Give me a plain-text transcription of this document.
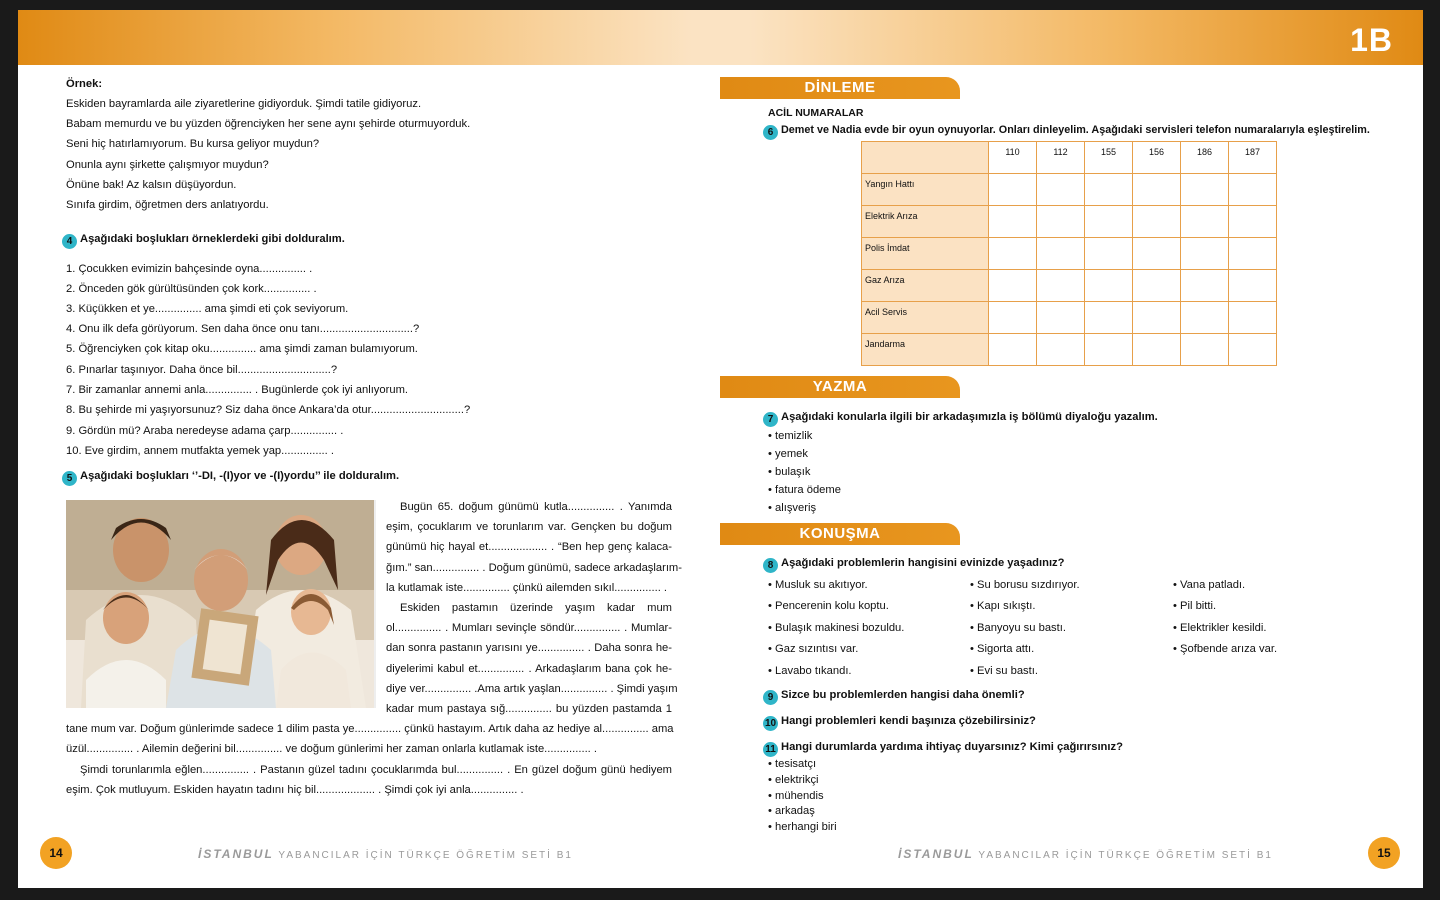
1B
Örnek:
Eskiden bayramlarda aile ziyaretlerine gidiyorduk. Şimdi tatile gidiyoruz.
Babam memurdu ve bu yüzden öğrenciyken her sene aynı şehirde oturmuyorduk.
Seni hiç hatırlamıyorum. Bu kursa geliyor muydun?
Onunla aynı şirkette çalışmıyor muydun?
Önüne bak! Az kalsın düşüyordun.
Sınıfa girdim, öğretmen ders anlatıyordu.
4 Aşağıdaki boşlukları örneklerdeki gibi dolduralım.
1. Çocukken evimizin bahçesinde oyna............... .
2. Önceden gök gürültüsünden çok kork............... .
3. Küçükken et ye............... ama şimdi eti çok seviyorum.
4. Onu ilk defa görüyorum. Sen daha önce onu tanı..............................?
5. Öğrenciyken çok kitap oku............... ama şimdi zaman bulamıyorum.
6. Pınarlar taşınıyor. Daha önce bil..............................?
7. Bir zamanlar annemi anla............... . Bugünlerde çok iyi anlıyorum.
8. Bu şehirde mi yaşıyorsunuz? Siz daha önce Ankara’da otur..............................?
9. Gördün mü? Araba neredeyse adama çarp............... .
10. Eve girdim, annem mutfakta yemek yap............... .
5 Aşağıdaki boşlukları ‘’-DI, -(I)yor ve -(I)yordu’’ ile dolduralım.
Bugün 65. doğum günümü kutla............... . Yanımda
eşim, çocuklarım ve torunlarım var. Gençken bu doğum
günümü hiç hayal et................... . “Ben hep genç kalaca-
ğım.” san............... . Doğum günümü, sadece arkadaşlarım-
la kutlamak iste............... çünkü ailemden sıkıl............... .
Eskiden pastamın üzerinde yaşım kadar mum
ol............... . Mumları sevinçle söndür............... . Mumlar-
dan sonra pastanın yarısını ye............... . Daha sonra he-
diyelerimi kabul et............... . Arkadaşlarım bana çok he-
diye ver............... .Ama artık yaşlan............... . Şimdi yaşım
kadar mum pastaya sığ............... bu yüzden pastamda 1
tane mum var. Doğum günlerimde sadece 1 dilim pasta ye............... çünkü hastayım. Artık daha az hediye al............... ama
üzül............... . Ailemin değerini bil............... ve doğum günlerimi her zaman onlarla kutlamak iste............... .
Şimdi torunlarımla eğlen............... . Pastanın güzel tadını çocuklarımda bul............... . En güzel doğum günü hediyem
eşim. Çok mutluyum. Eskiden hayatın tadını hiç bil................... . Şimdi çok iyi anla............... .
DİNLEME
ACİL NUMARALAR
6 Demet ve Nadia evde bir oyun oynuyorlar. Onları dinleyelim. Aşağıdaki servisleri telefon numaralarıyla eşleştirelim.
	110	112	155	156	186	187
Yangın Hattı						
Elektrik Arıza						
Polis İmdat						
Gaz Arıza						
Acil Servis						
Jandarma						
YAZMA
7 Aşağıdaki konularla ilgili bir arkadaşımızla iş bölümü diyaloğu yazalım.
• temizlik
• yemek
• bulaşık
• fatura ödeme
• alışveriş
KONUŞMA
8 Aşağıdaki problemlerin hangisini evinizde yaşadınız?
• Musluk su akıtıyor.
• Pencerenin kolu koptu.
• Bulaşık makinesi bozuldu.
• Gaz sızıntısı var.
• Lavabo tıkandı.
• Su borusu sızdırıyor.
• Kapı sıkıştı.
• Banyoyu su bastı.
• Sigorta attı.
• Evi su bastı.
• Vana patladı.
• Pil bitti.
• Elektrikler kesildi.
• Şofbende arıza var.
9 Sizce bu problemlerden hangisi daha önemli?
10 Hangi problemleri kendi başınıza çözebilirsiniz?
11 Hangi durumlarda yardıma ihtiyaç duyarsınız? Kimi çağırırsınız?
• tesisatçı
• elektrikçi
• mühendis
• arkadaş
• herhangi biri
14	İSTANBUL YABANCILAR İÇİN TÜRKÇE ÖĞRETİM SETİ B1	İSTANBUL YABANCILAR İÇİN TÜRKÇE ÖĞRETİM SETİ B1	15
